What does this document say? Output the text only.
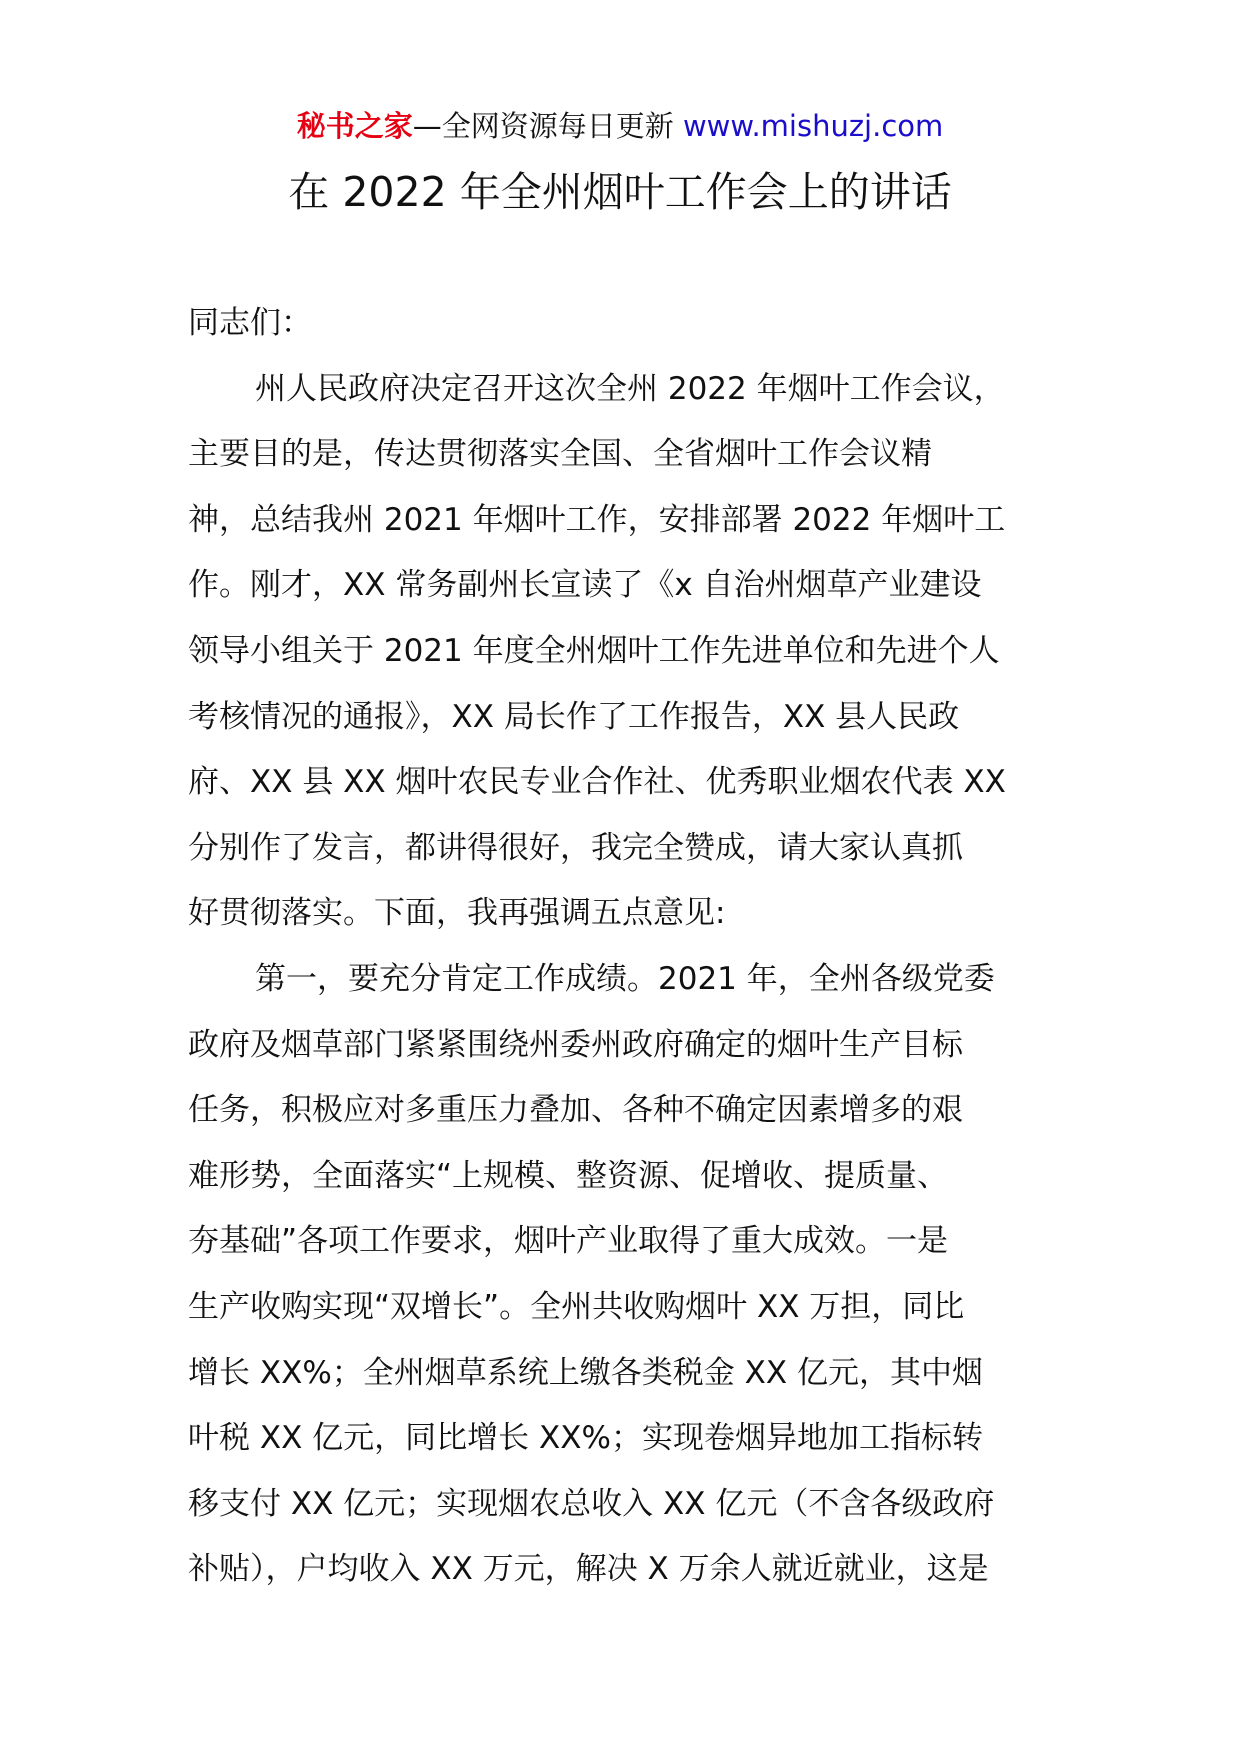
秘书之家—全网资源每日更新 www.mishuzj.com
在 2022 年全州烟叶工作会上的讲话
同志们：
州人民政府决定召开这次全州 2022 年烟叶工作会议，
主要目的是，传达贯彻落实全国、全省烟叶工作会议精
神，总结我州 2021 年烟叶工作，安排部署 2022 年烟叶工
作。刚才，XX 常务副州长宣读了《x 自治州烟草产业建设
领导小组关于 2021 年度全州烟叶工作先进单位和先进个人
考核情况的通报》，XX 局长作了工作报告，XX 县人民政
府、XX 县 XX 烟叶农民专业合作社、优秀职业烟农代表 XX
分别作了发言，都讲得很好，我完全赞成，请大家认真抓
好贯彻落实。下面，我再强调五点意见:
第一，要充分肯定工作成绩。2021 年，全州各级党委
政府及烟草部门紧紧围绕州委州政府确定的烟叶生产目标
任务，积极应对多重压力叠加、各种不确定因素增多的艰
难形势，全面落实“上规模、整资源、促增收、提质量、
夯基础”各项工作要求，烟叶产业取得了重大成效。一是
生产收购实现“双增长”。全州共收购烟叶 XX 万担，同比
增长 XX%；全州烟草系统上缴各类税金 XX 亿元，其中烟
叶税 XX 亿元，同比增长 XX%；实现卷烟异地加工指标转
移支付 XX 亿元；实现烟农总收入 XX 亿元（不含各级政府
补贴），户均收入 XX 万元，解决 X 万余人就近就业，这是
